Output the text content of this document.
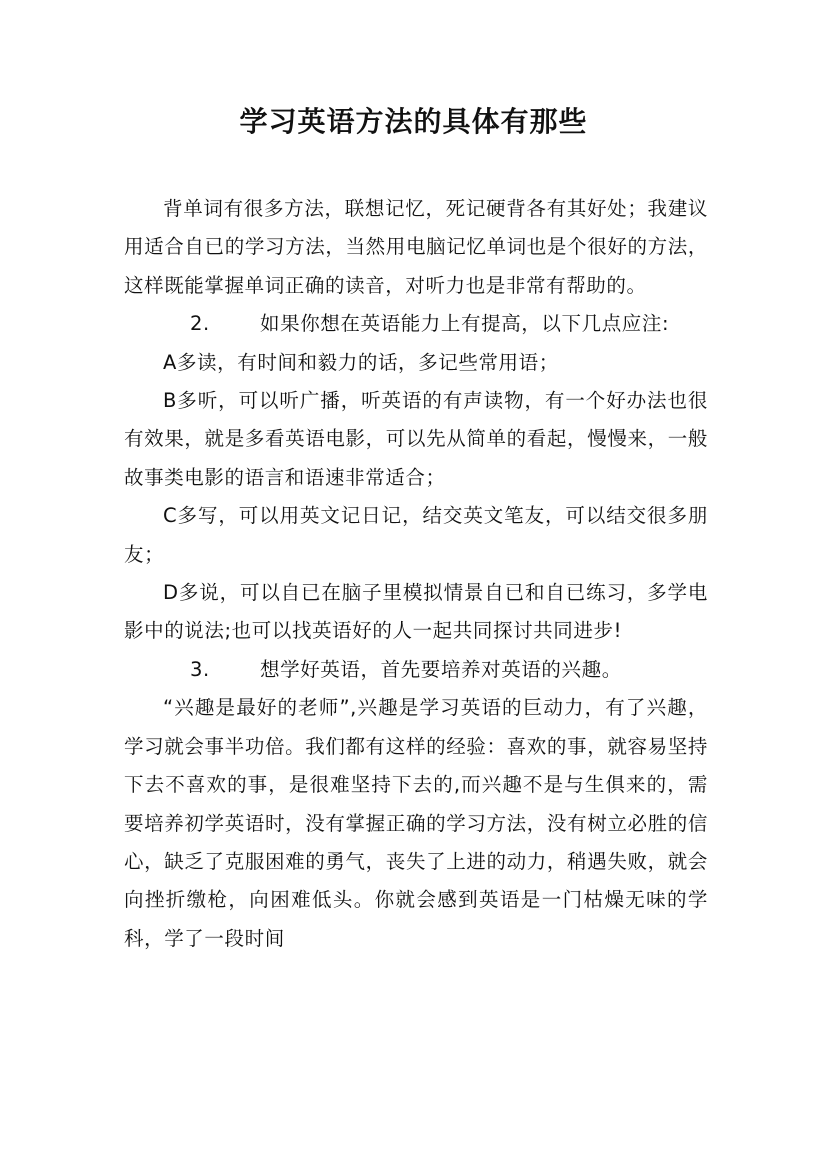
学习英语方法的具体有那些

背单词有很多方法，联想记忆，死记硬背各有其好处；我建议用适合自已的学习方法，当然用电脑记忆单词也是个很好的方法，这样既能掌握单词正确的读音，对听力也是非常有帮助的。

2.	如果你想在英语能力上有提高，以下几点应注:

A多读，有时间和毅力的话，多记些常用语；

B多听，可以听广播，听英语的有声读物，有一个好办法也很有效果，就是多看英语电影，可以先从简单的看起，慢慢来，一般故事类电影的语言和语速非常适合；

C多写，可以用英文记日记，结交英文笔友，可以结交很多朋友；

D多说，可以自已在脑子里模拟情景自已和自已练习，多学电影中的说法;也可以找英语好的人一起共同探讨共同进步!

3.	想学好英语，首先要培养对英语的兴趣。

“兴趣是最好的老师”,兴趣是学习英语的巨动力，有了兴趣，学习就会事半功倍。我们都有这样的经验：喜欢的事，就容易坚持下去不喜欢的事，是很难坚持下去的,而兴趣不是与生俱来的，需要培养初学英语时，没有掌握正确的学习方法，没有树立必胜的信心，缺乏了克服困难的勇气，丧失了上进的动力，稍遇失败，就会向挫折缴枪，向困难低头。你就会感到英语是一门枯燥无味的学科，学了一段时间
